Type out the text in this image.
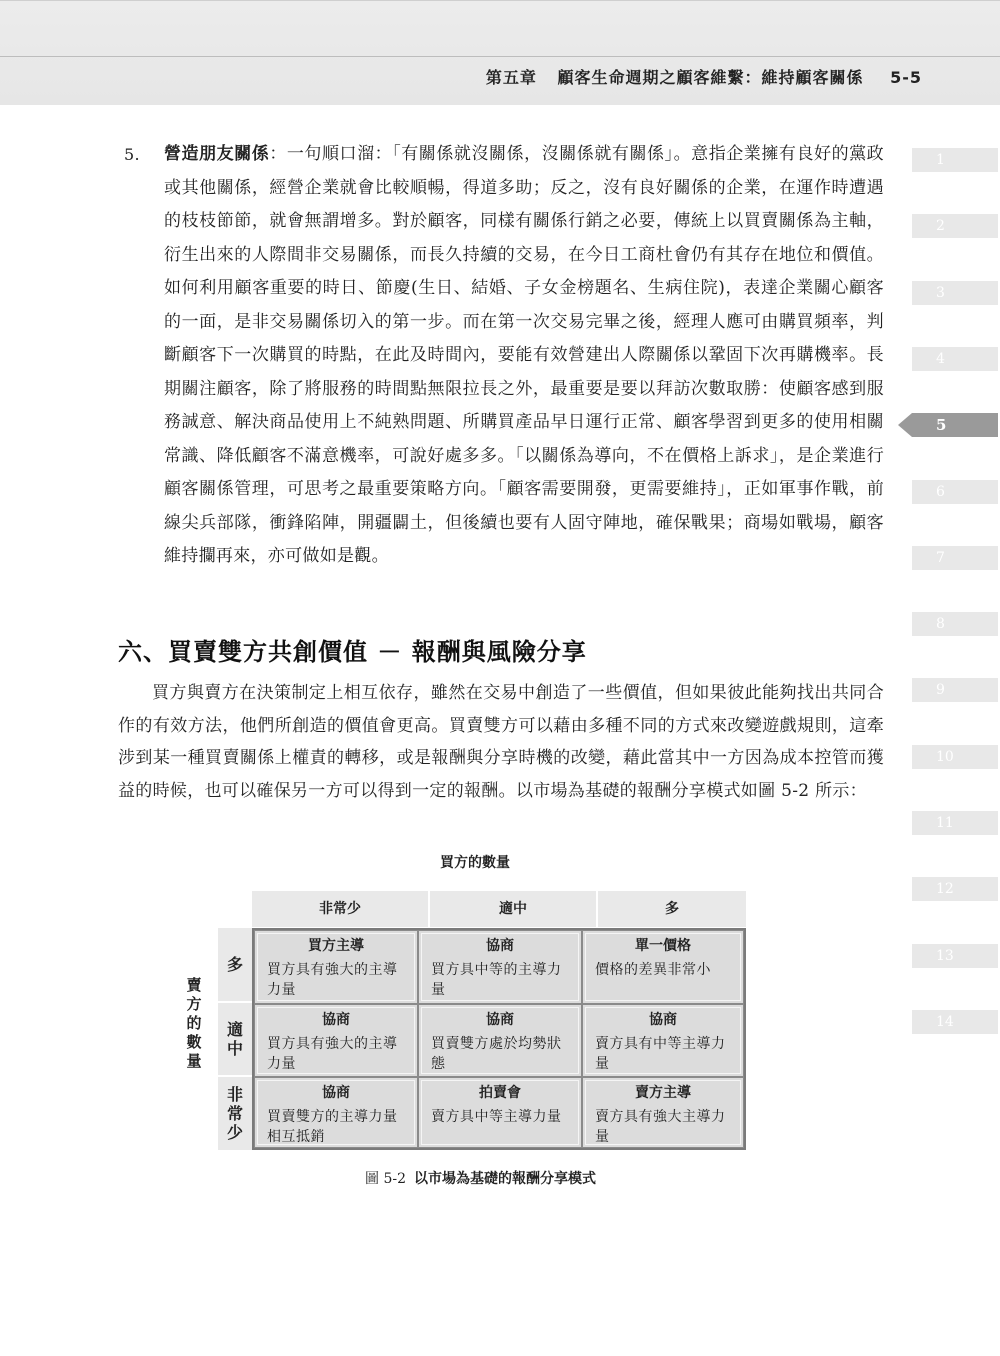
第五章 顧客生命週期之顧客維繫：維持顧客關係 5-5
1
2
3
4
5
6
7
8
9
10
11
12
13
14
5. 營造朋友關係：一句順口溜：「有關係就沒關係，沒關係就有關係」。意指企業擁有良好的黨政或其他關係，經營企業就會比較順暢，得道多助；反之，沒有良好關係的企業，在運作時遭遇的枝枝節節，就會無謂增多。對於顧客，同樣有關係行銷之必要，傳統上以買賣關係為主軸，衍生出來的人際間非交易關係，而長久持續的交易，在今日工商杜會仍有其存在地位和價值。如何利用顧客重要的時日、節慶(生日、結婚、子女金榜題名、生病住院)，表達企業關心顧客的一面，是非交易關係切入的第一步。而在第一次交易完畢之後，經理人應可由購買頻率，判斷顧客下一次購買的時點，在此及時間內，要能有效營建出人際關係以鞏固下次再購機率。長期關注顧客，除了將服務的時間點無限拉長之外，最重要是要以拜訪次數取勝：使顧客感到服務誠意、解決商品使用上不純熟問題、所購買產品早日運行正常、顧客學習到更多的使用相關常識、降低顧客不滿意機率，可說好處多多。「以關係為導向，不在價格上訴求」，是企業進行顧客關係管理，可思考之最重要策略方向。「顧客需要開發，更需要維持」，正如軍事作戰，前線尖兵部隊，衝鋒陷陣，開疆闢土，但後續也要有人固守陣地，確保戰果；商場如戰場，顧客維持攔再來，亦可做如是觀。
六、買賣雙方共創價值 － 報酬與風險分享
買方與賣方在決策制定上相互依存，雖然在交易中創造了一些價值，但如果彼此能夠找出共同合作的有效方法，他們所創造的價值會更高。買賣雙方可以藉由多種不同的方式來改變遊戲規則，這牽涉到某一種買賣關係上權責的轉移，或是報酬與分享時機的改變，藉此當其中一方因為成本控管而獲益的時候，也可以確保另一方可以得到一定的報酬。以市場為基礎的報酬分享模式如圖 5-2 所示：
買方的數量
賣
方
的
數
量
非常少	適中	多
多
適
中
非
常
少
買方主導
買方具有強大的主導力量
協商
買方具中等的主導力量
單一價格
價格的差異非常小
協商
買方具有強大的主導力量
協商
買賣雙方處於均勢狀態
協商
賣方具有中等主導力量
協商
買賣雙方的主導力量相互抵銷
拍賣會
賣方具中等主導力量
賣方主導
賣方具有強大主導力量
圖 5-2 以市場為基礎的報酬分享模式
